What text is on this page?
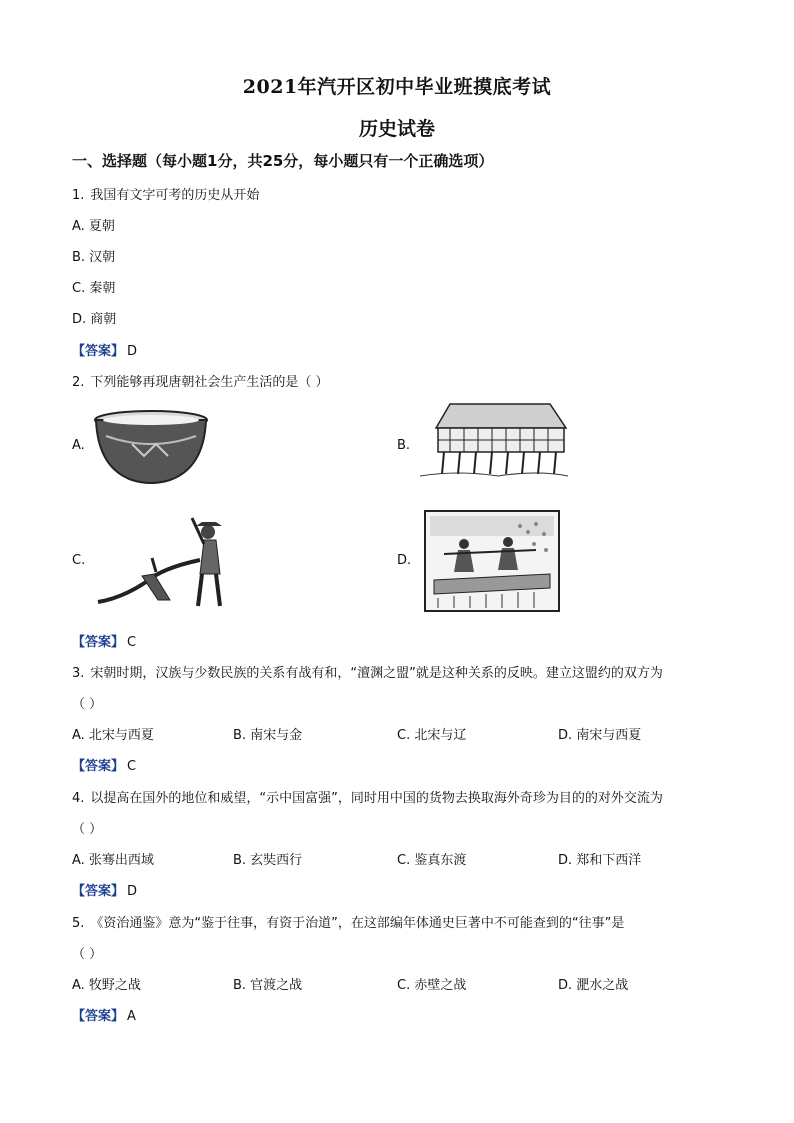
2021年汽开区初中毕业班摸底考试
历史试卷
一、选择题（每小题1分，共25分，每小题只有一个正确选项）
1. 我国有文字可考的历史从开始
A. 夏朝
B. 汉朝
C. 秦朝
D. 商朝
【答案】 D
2. 下列能够再现唐朝社会生产生活的是（ ）
A.	B.
C.	D.
【答案】 C
3. 宋朝时期，汉族与少数民族的关系有战有和，“澶渊之盟”就是这种关系的反映。建立这盟约的双方为
（ ）
A. 北宋与西夏	B. 南宋与金	C. 北宋与辽	D. 南宋与西夏
【答案】 C
4. 以提高在国外的地位和威望，“示中国富强”，同时用中国的货物去换取海外奇珍为目的的对外交流为
（ ）
A. 张骞出西域	B. 玄奘西行	C. 鉴真东渡	D. 郑和下西洋
【答案】 D
5. 《资治通鉴》意为“鉴于往事，有资于治道”，在这部编年体通史巨著中不可能查到的“往事”是
（ ）
A. 牧野之战	B. 官渡之战	C. 赤壁之战	D. 淝水之战
【答案】 A
